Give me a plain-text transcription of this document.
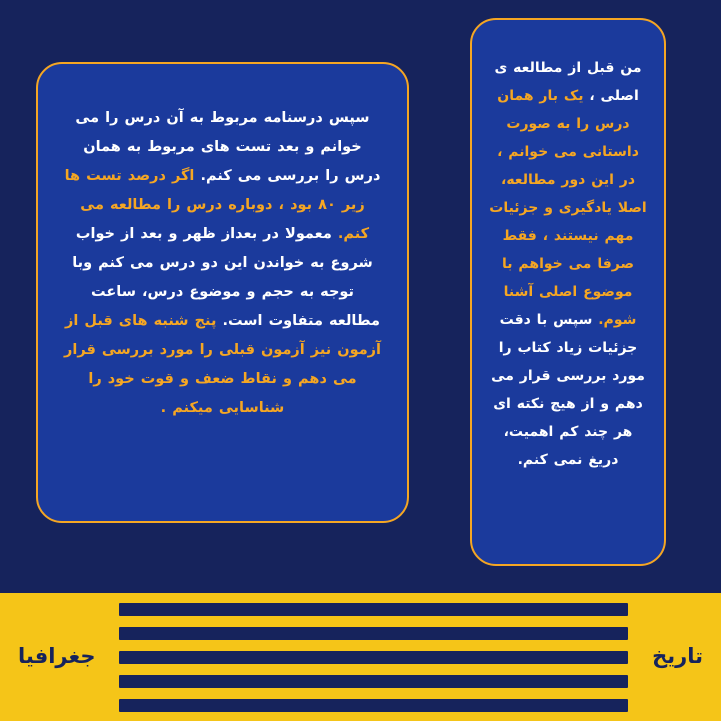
من قبل از مطالعه ی اصلی ، یک بار همان درس را به صورت داستانی می خوانم ، در این دور مطالعه، اصلا یادگیری و جزئیات مهم نیستند ، فقط صرفا می خواهم با موضوع اصلی آشنا شوم. سپس با دقت جزئیات زیاد کتاب را مورد بررسی قرار می دهم و از هیچ نکته ای هر چند کم اهمیت، دریغ نمی کنم.

سپس درسنامه مربوط به آن درس را می خوانم و بعد تست های مربوط به همان درس را بررسی می کنم. اگر درصد تست ها زیر ۸۰ بود ، دوباره درس را مطالعه می کنم. معمولا در بعداز ظهر و بعد از خواب شروع به خواندن این دو درس می کنم وبا توجه به حجم و موضوع درس، ساعت مطالعه متفاوت است. پنج شنبه های قبل از آزمون نیز آزمون قبلی را مورد بررسی قرار می دهم و نقاط ضعف و قوت خود را شناسایی میکنم .

جغرافیا	تاریخ
